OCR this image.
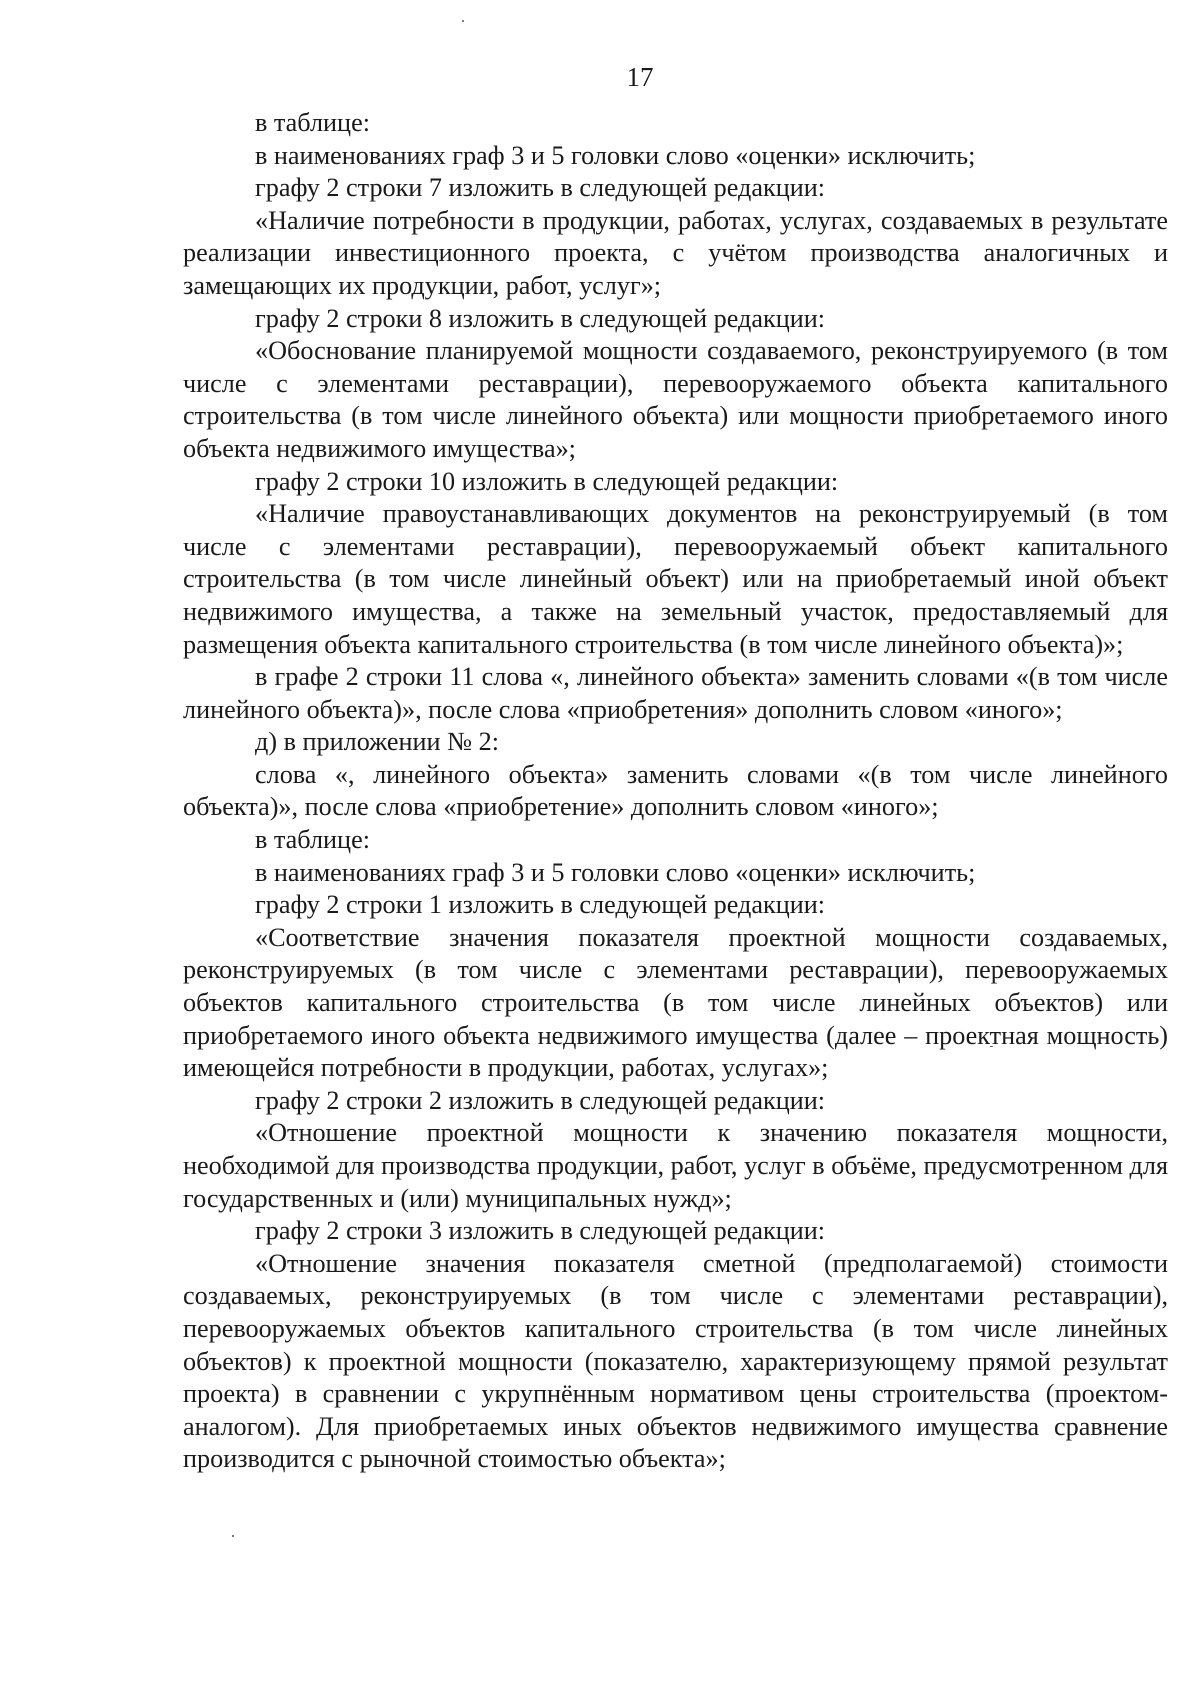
17

в таблице:

в наименованиях граф 3 и 5 головки слово «оценки» исключить;

графу 2 строки 7 изложить в следующей редакции:

«Наличие потребности в продукции, работах, услугах, создаваемых в результате реализации инвестиционного проекта, с учётом производства аналогичных и замещающих их продукции, работ, услуг»;

графу 2 строки 8 изложить в следующей редакции:

«Обоснование планируемой мощности создаваемого, реконструируемого (в том числе с элементами реставрации), перевооружаемого объекта капитального строительства (в том числе линейного объекта) или мощности приобретаемого иного объекта недвижимого имущества»;

графу 2 строки 10 изложить в следующей редакции:

«Наличие правоустанавливающих документов на реконструируемый (в том числе с элементами реставрации), перевооружаемый объект капитального строительства (в том числе линейный объект) или на приобретаемый иной объект недвижимого имущества, а также на земельный участок, предоставляемый для размещения объекта капитального строительства (в том числе линейного объекта)»;

в графе 2 строки 11 слова «, линейного объекта» заменить словами «(в том числе линейного объекта)», после слова «приобретения» дополнить словом «иного»;

д) в приложении № 2:

слова «, линейного объекта» заменить словами «(в том числе линейного объекта)», после слова «приобретение» дополнить словом «иного»;

в таблице:

в наименованиях граф 3 и 5 головки слово «оценки» исключить;

графу 2 строки 1 изложить в следующей редакции:

«Соответствие значения показателя проектной мощности создаваемых, реконструируемых (в том числе с элементами реставрации), перевооружаемых объектов капитального строительства (в том числе линейных объектов) или приобретаемого иного объекта недвижимого имущества (далее – проектная мощность) имеющейся потребности в продукции, работах, услугах»;

графу 2 строки 2 изложить в следующей редакции:

«Отношение проектной мощности к значению показателя мощности, необходимой для производства продукции, работ, услуг в объёме, предусмотренном для государственных и (или) муниципальных нужд»;

графу 2 строки 3 изложить в следующей редакции:

«Отношение значения показателя сметной (предполагаемой) стоимости создаваемых, реконструируемых (в том числе с элементами реставрации), перевооружаемых объектов капитального строительства (в том числе линейных объектов) к проектной мощности (показателю, характеризующему прямой результат проекта) в сравнении с укрупнённым нормативом цены строительства (проектом-аналогом). Для приобретаемых иных объектов недвижимого имущества сравнение производится с рыночной стоимостью объекта»;
